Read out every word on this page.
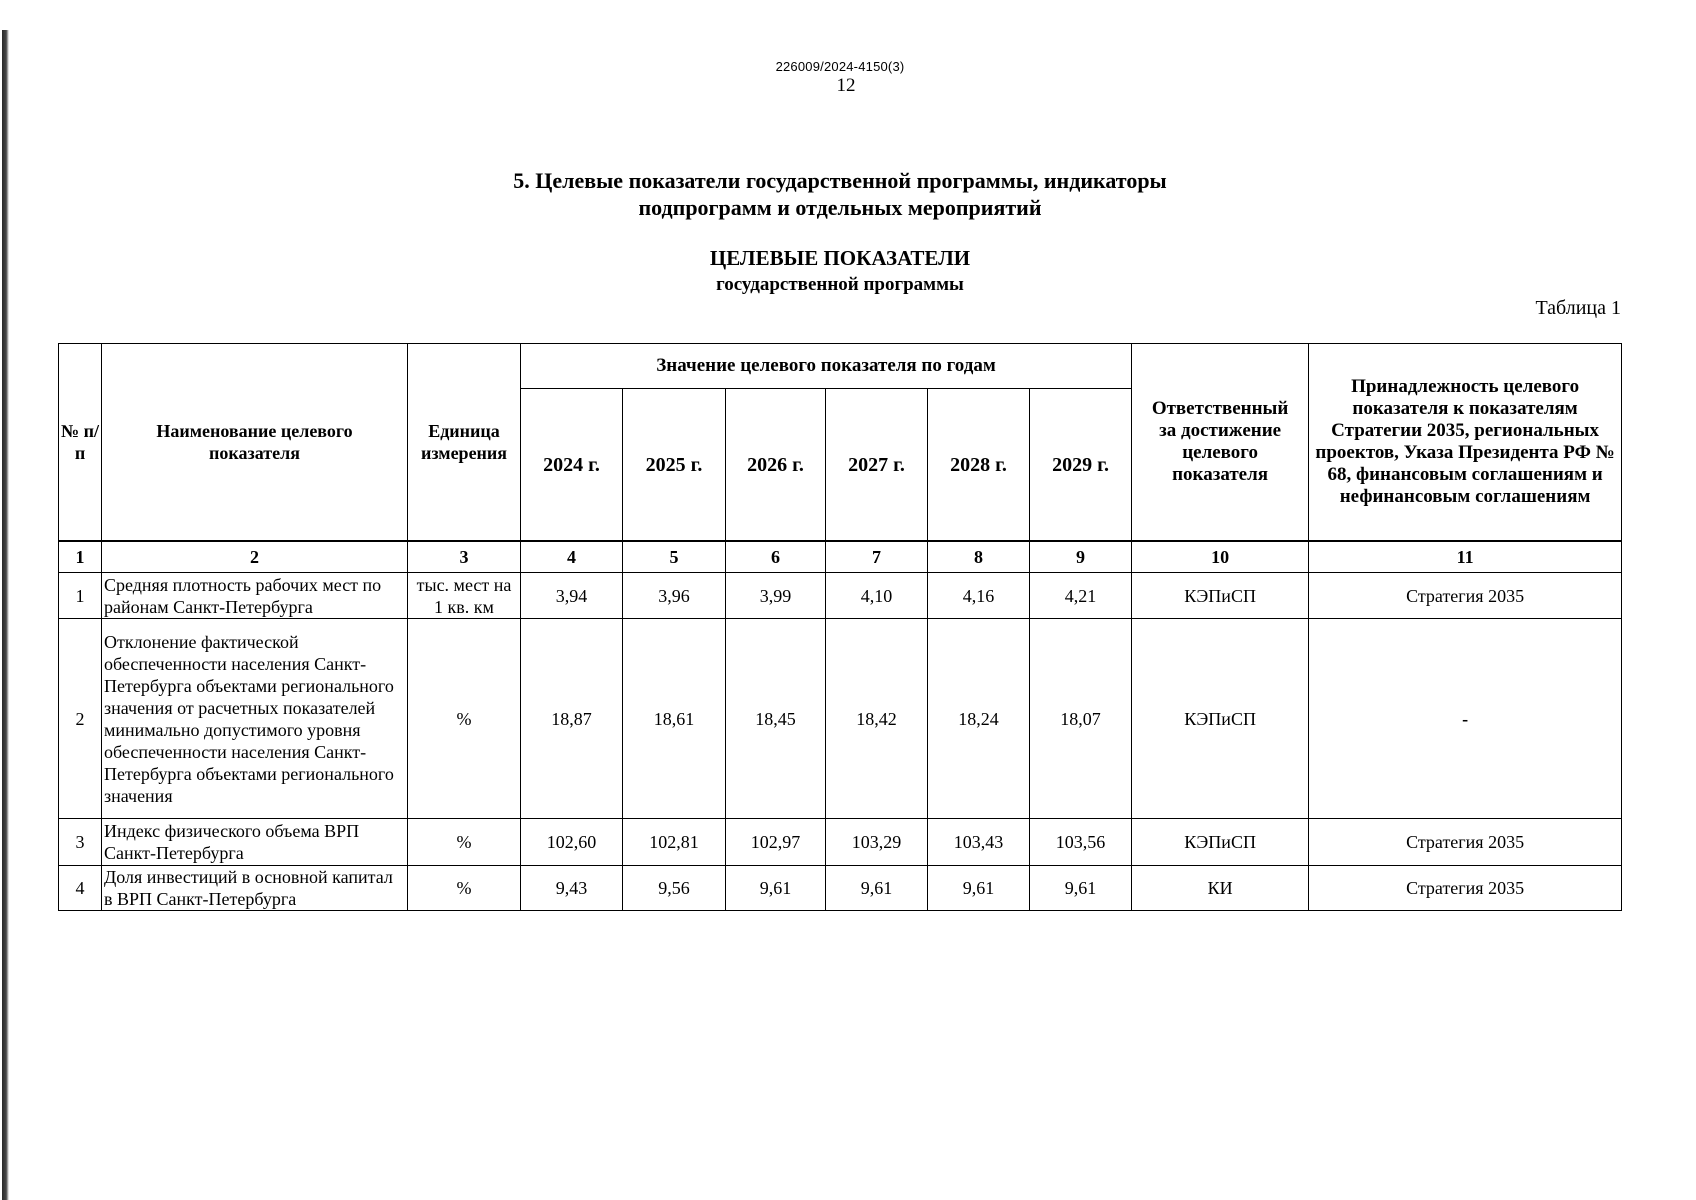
226009/2024-4150(3)
12
5. Целевые показатели государственной программы, индикаторы
подпрограмм и отдельных мероприятий
ЦЕЛЕВЫЕ ПОКАЗАТЕЛИ
государственной программы
Таблица 1
№ п/п	Наименование целевого показателя	Единица измерения	Значение целевого показателя по годам						Ответственный за достижение целевого показателя	Принадлежность целевого показателя к показателям Стратегии 2035, региональных проектов, Указа Президента РФ № 68, финансовым соглашениям и нефинансовым соглашениям
			2024 г.	2025 г.	2026 г.	2027 г.	2028 г.	2029 г.		
1	2	3	4	5	6	7	8	9	10	11
1	Средняя плотность рабочих мест по районам Санкт-Петербурга	тыс. мест на 1 кв. км	3,94	3,96	3,99	4,10	4,16	4,21	КЭПиСП	Стратегия 2035
2	Отклонение фактической обеспеченности населения Санкт-Петербурга объектами регионального значения от расчетных показателей минимально допустимого уровня обеспеченности населения Санкт-Петербурга объектами регионального значения	%	18,87	18,61	18,45	18,42	18,24	18,07	КЭПиСП	-
3	Индекс физического объема ВРП Санкт-Петербурга	%	102,60	102,81	102,97	103,29	103,43	103,56	КЭПиСП	Стратегия 2035
4	Доля инвестиций в основной капитал в ВРП Санкт-Петербурга	%	9,43	9,56	9,61	9,61	9,61	9,61	КИ	Стратегия 2035
